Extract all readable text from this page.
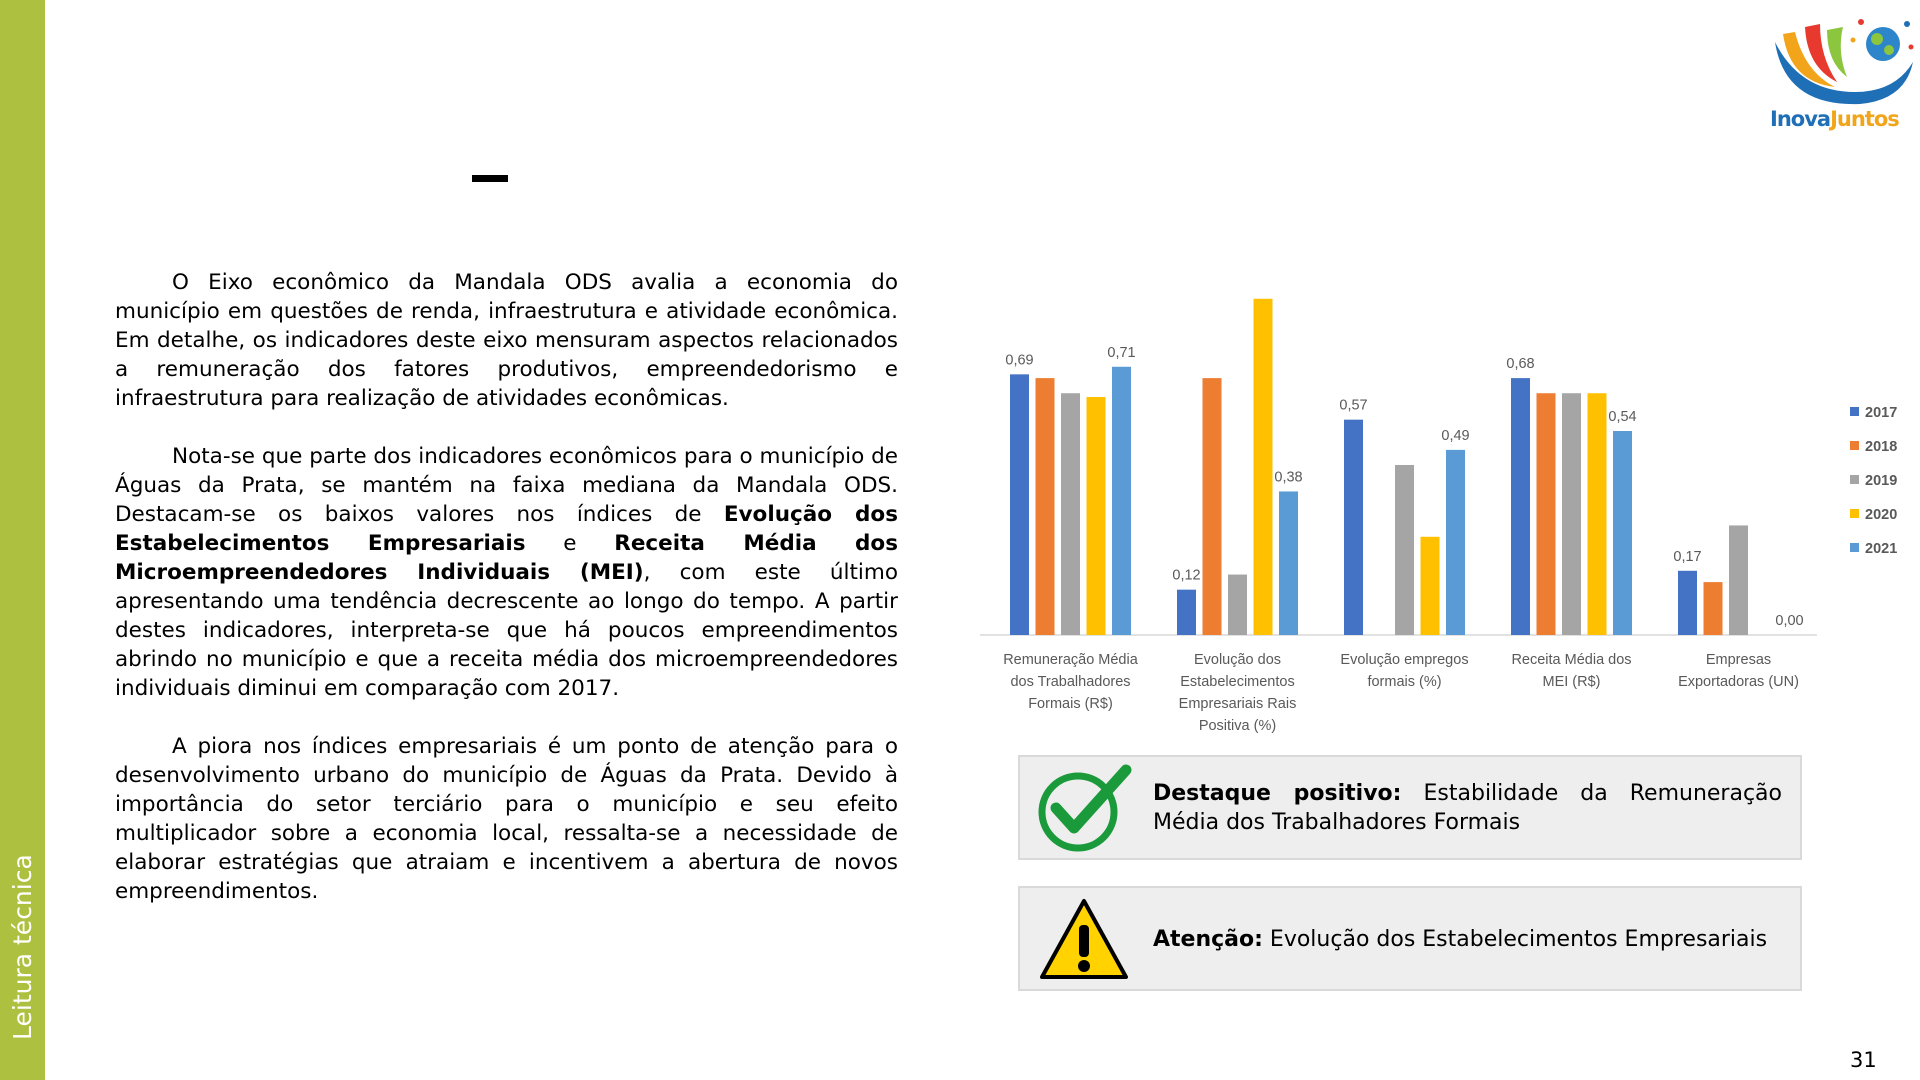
Leitura técnica
InovaJuntos

O Eixo econômico da Mandala ODS avalia a economia do município em questões de renda, infraestrutura e atividade econômica. Em detalhe, os indicadores deste eixo mensuram aspectos relacionados a remuneração dos fatores produtivos, empreendedorismo e infraestrutura para realização de atividades econômicas.

Nota-se que parte dos indicadores econômicos para o município de Águas da Prata, se mantém na faixa mediana da Mandala ODS. Destacam-se os baixos valores nos índices de Evolução dos Estabelecimentos Empresariais e Receita Média dos Microempreendedores Individuais (MEI), com este último apresentando uma tendência decrescente ao longo do tempo. A partir destes indicadores, interpreta-se que há poucos empreendimentos abrindo no município e que a receita média dos microempreendedores individuais diminui em comparação com 2017.

A piora nos índices empresariais é um ponto de atenção para o desenvolvimento urbano do município de Águas da Prata. Devido à importância do setor terciário para o município e seu efeito multiplicador sobre a economia local, ressalta-se a necessidade de elaborar estratégias que atraiam e incentivem a abertura de novos empreendimentos.

0,69	0,71
0,12
0,38
0,57
0,49
0,68
0,54
0,17
0,00
Remuneração Média
dos Trabalhadores
Formais (R$)
Evolução dos
Estabelecimentos
Empresariais Rais
Positiva (%)
Evolução empregos
formais (%)
Receita Média dos
MEI (R$)
Empresas
Exportadoras (UN)
2017
2018
2019
2020
2021
Destaque positivo: Estabilidade da Remuneração Média dos Trabalhadores Formais
Atenção: Evolução dos Estabelecimentos Empresariais
31
